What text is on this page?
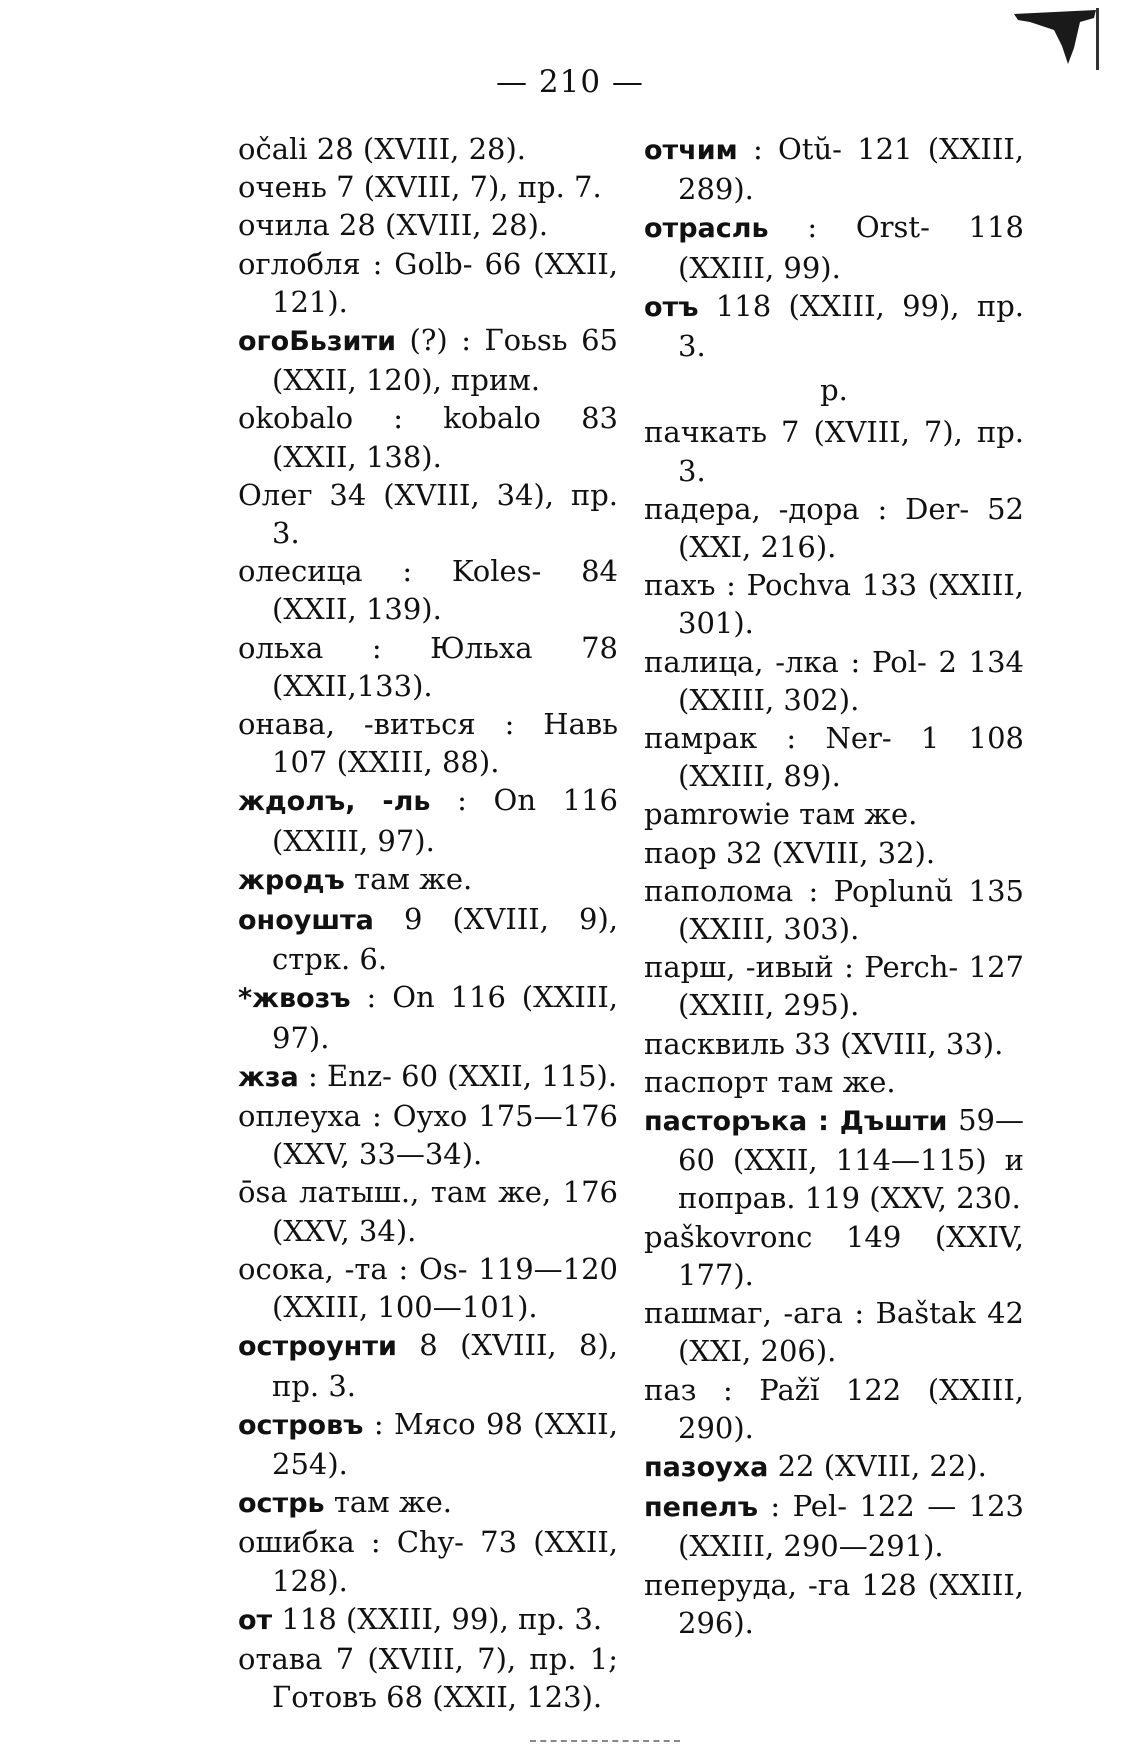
— 210 —
očali 28 (XVIII, 28).
очень 7 (XVIII, 7), пр. 7.
очила 28 (XVIII, 28).
оглобля : Golb- 66 (XXII, 121).
огоБьзити (?) : Гоьsь 65 (XXII, 120), прим.
okobalo : kobalo 83 (XXII, 138).
Олег 34 (XVIII, 34), пр. 3.
олесица : Koles- 84 (XXII, 139).
ольха : Юльха 78 (XXII,133).
онава, -виться : Навь 107 (XXIII, 88).
ждолъ, -ль : On 116 (XXIII, 97).
жродъ там же.
оноушта 9 (XVIII, 9), стрк. 6.
*жвозъ : On 116 (XXIII, 97).
жза : Enz- 60 (XXII, 115).
оплеуха : Оухо 175—176 (XXV, 33—34).
ōsa латыш., там же, 176 (XXV, 34).
осока, -та : Os- 119—120 (XXIII, 100—101).
остроунти 8 (XVIII, 8), пр. 3.
островъ : Мясо 98 (XXII, 254).
острь там же.
ошибка : Chy- 73 (XXII, 128).
от 118 (XXIII, 99), пр. 3.
отава 7 (XVIII, 7), пр. 1; Готовъ 68 (XXII, 123).
отчим : Otŭ- 121 (XXIII, 289).
отрасль : Orst- 118 (XXIII, 99).
отъ 118 (XXIII, 99), пр. 3.
р.
пачкать 7 (XVIII, 7), пр. 3.
падера, -дора : Der- 52 (XXI, 216).
пахъ : Pochva 133 (XXIII, 301).
палица, -лка : Pol- 2 134 (XXIII, 302).
памрак : Ner- 1 108 (XXIII, 89).
pamrowie там же.
паор 32 (XVIII, 32).
паполома : Poplunŭ 135 (XXIII, 303).
парш, -ивый : Perch- 127 (XXIII, 295).
пасквиль 33 (XVIII, 33).
паспорт там же.
пасторъка : Дъшти 59—60 (XXII, 114—115) и поправ. 119 (XXV, 230.
paškovronc 149 (XXIV, 177).
пашмаг, -ага : Baštak 42 (XXI, 206).
паз : Pažĭ 122 (XXIII, 290).
пазоуха 22 (XVIII, 22).
пепелъ : Pel- 122 — 123 (XXIII, 290—291).
пеперуда, -га 128 (XXIII, 296).
